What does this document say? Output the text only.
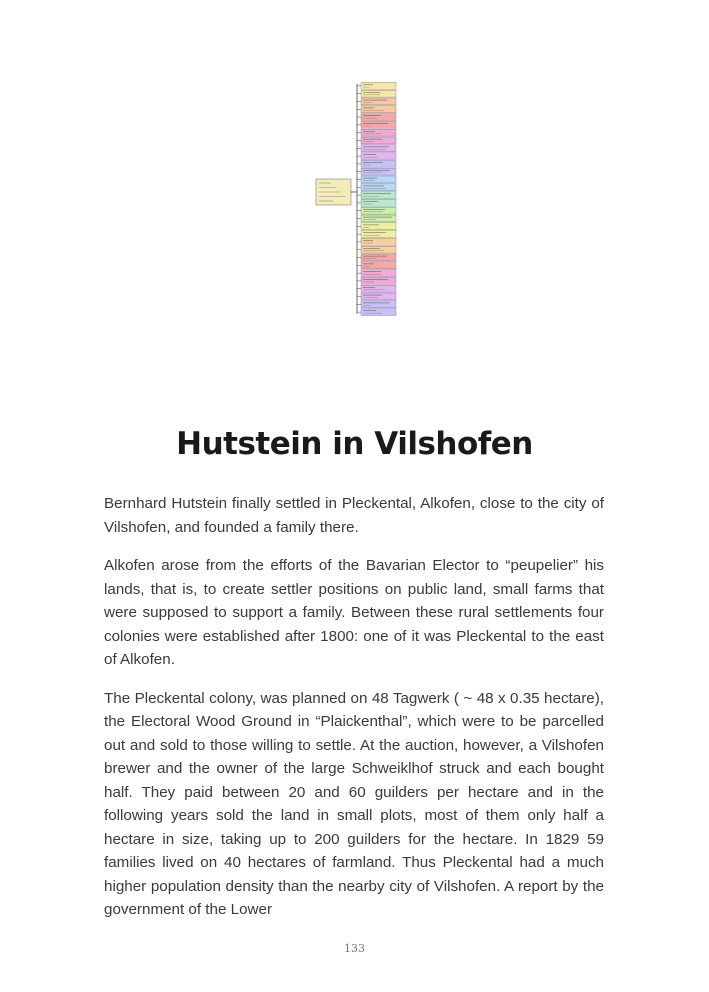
Hutstein in Vilshofen

Bernhard Hutstein finally settled in Pleckental, Alkofen, close to the city of Vilshofen, and founded a family there.

Alkofen arose from the efforts of the Bavarian Elector to “peupelier” his lands, that is, to create settler positions on public land, small farms that were supposed to support a family. Between these rural settlements four colonies were established after 1800: one of it was Pleckental to the east of Alkofen.

The Pleckental colony, was planned on 48 Tagwerk ( ~ 48 x 0.35 hectare), the Electoral Wood Ground in “Plaickenthal”, which were to be parcelled out and sold to those willing to settle. At the auction, however, a Vilshofen brewer and the owner of the large Schweiklhof struck and each bought half. They paid between 20 and 60 guilders per hectare and in the following years sold the land in small plots, most of them only half a hectare in size, taking up to 200 guilders for the hectare. In 1829 59 families lived on 40 hectares of farmland. Thus Pleckental had a much higher population density than the nearby city of Vilshofen. A report by the government of the Lower

133
